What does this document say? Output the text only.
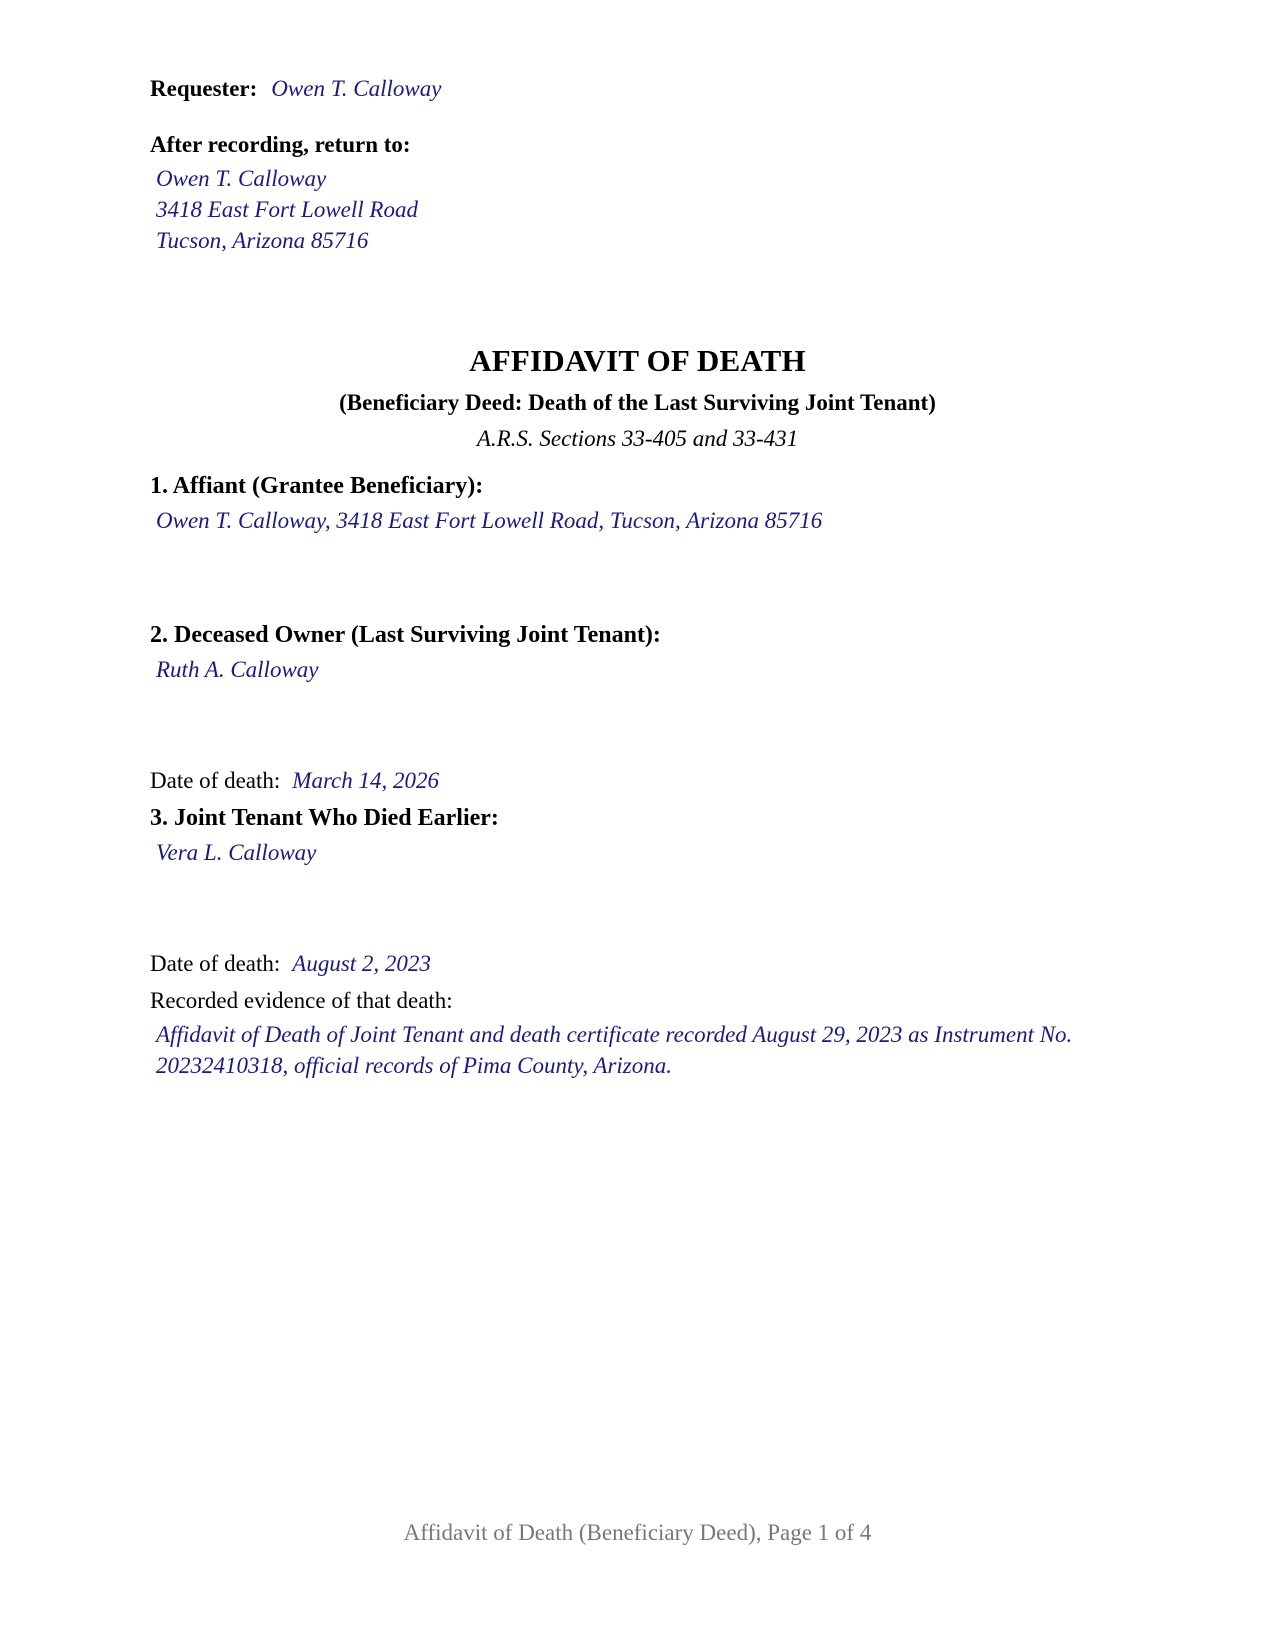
Requester: Owen T. Calloway
After recording, return to:
Owen T. Calloway
3418 East Fort Lowell Road
Tucson, Arizona 85716
AFFIDAVIT OF DEATH
(Beneficiary Deed: Death of the Last Surviving Joint Tenant)
A.R.S. Sections 33-405 and 33-431
1. Affiant (Grantee Beneficiary):
Owen T. Calloway, 3418 East Fort Lowell Road, Tucson, Arizona 85716
2. Deceased Owner (Last Surviving Joint Tenant):
Ruth A. Calloway
Date of death: March 14, 2026
3. Joint Tenant Who Died Earlier:
Vera L. Calloway
Date of death: August 2, 2023
Recorded evidence of that death:
Affidavit of Death of Joint Tenant and death certificate recorded August 29, 2023 as Instrument No. 20232410318, official records of Pima County, Arizona.
Affidavit of Death (Beneficiary Deed), Page 1 of 4
